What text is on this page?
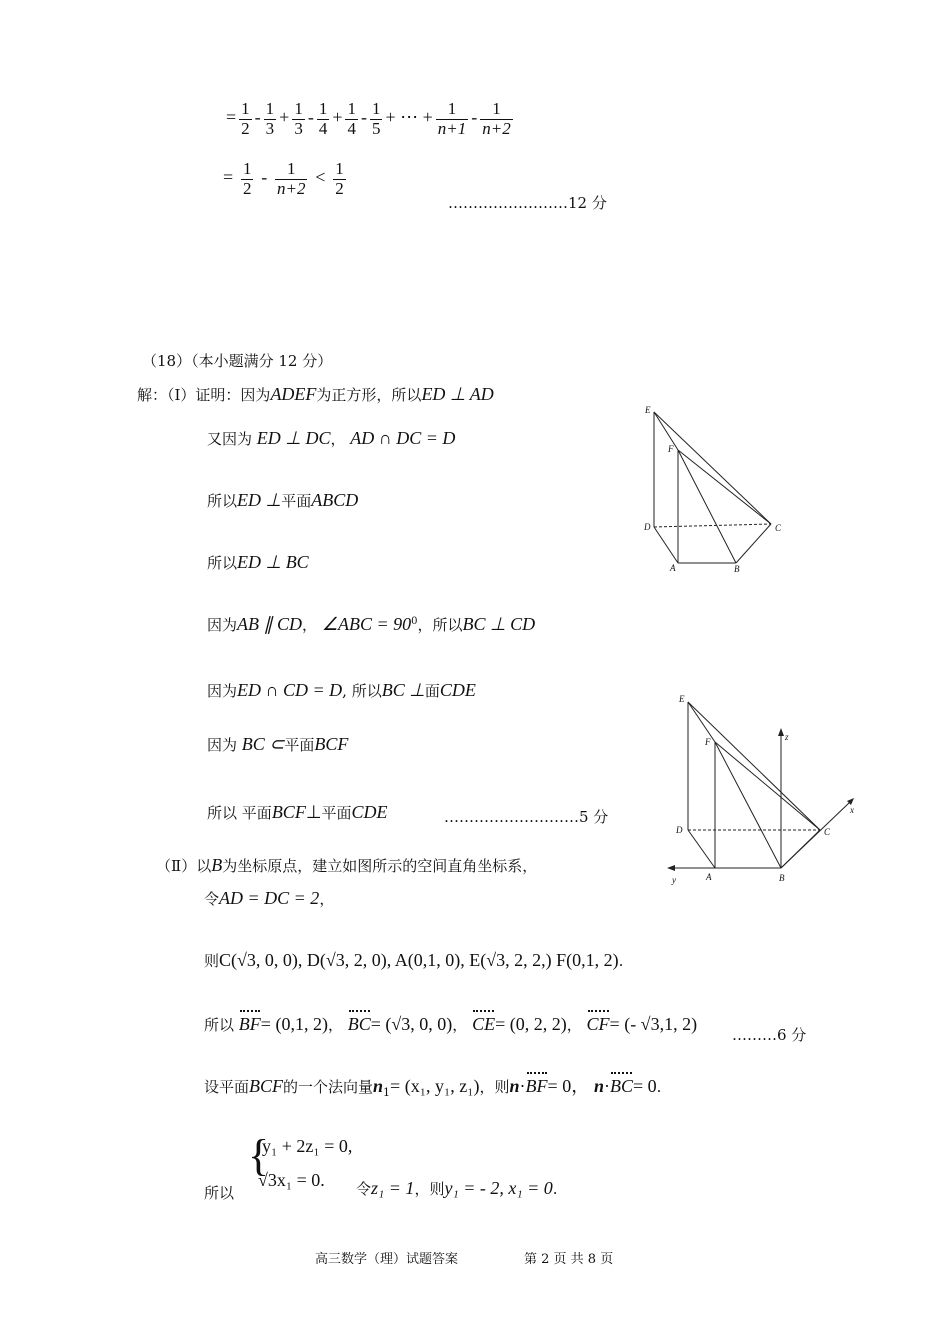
= $\frac{1}{2} - \frac{1}{3} + \frac{1}{3} - \frac{1}{4} + \frac{1}{4} - \frac{1}{5}$ + ⋯ + $\frac{1}{n+1} - \frac{1}{n+2}$
= $\frac{1}{2} - \frac{1}{n+2} < \frac{1}{2}$
……………………12 分
（18）（本小题满分 12 分）
解：（Ⅰ）证明：因为ADEF为正方形，所以ED ⊥ AD
又因为 ED ⊥ DC， AD ∩ DC = D
所以ED ⊥平面ABCD
所以ED ⊥ BC
因为AB ∥ CD， ∠ABC = $90^0$，所以BC ⊥ CD
因为ED ∩ CD = D, 所以BC ⊥面CDE
因为 BC ⊂平面BCF
所以 平面BCF⊥平面CDE	………………………5 分
（Ⅱ）以B为坐标原点，建立如图所示的空间直角坐标系，
令AD = DC = 2，
则C(√3, 0, 0), D(√3, 2, 0), A(0,1, 0), E(√3, 2, 2,) F(0,1, 2).
所以 BF= (0,1, 2)， BC= (√3, 0, 0)， CE= (0, 2, 2)， CF= (- √3,1, 2)
………6 分
设平面BCF的一个法向量$n_1= (x_1$, y₁, z₁)，则n·BF= 0， n·BC= 0.
所以
{
y₁ + 2z₁ = 0,
√3x₁ = 0. 令z₁ = 1，则y₁ = - 2, x₁ = 0.
E
F
D	C
A	B
E
F
D	C
A	B
z
x
y
高三数学（理）试题答案	第 2 页 共 8 页
